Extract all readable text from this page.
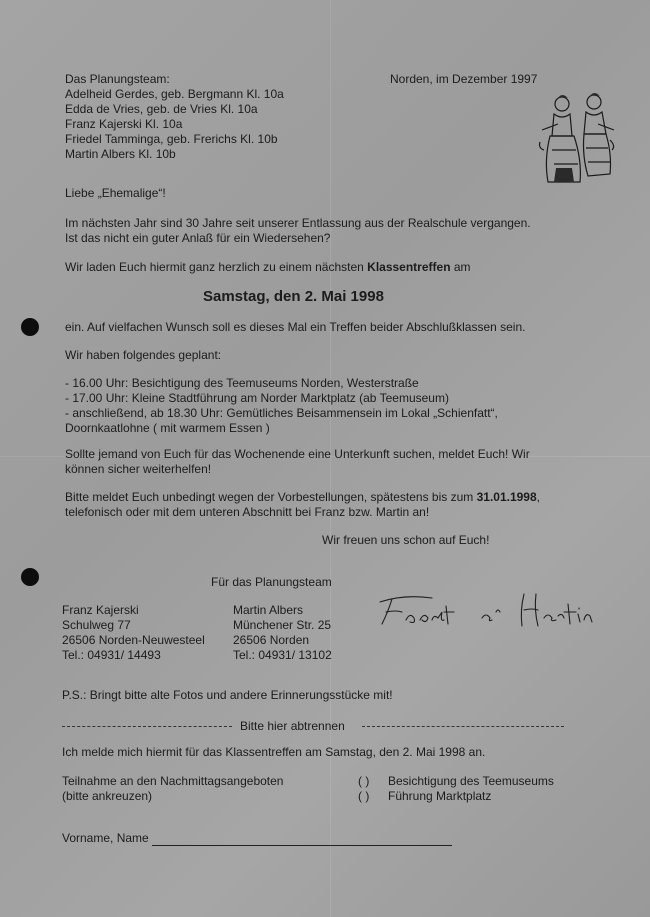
Das Planungsteam:
Adelheid Gerdes, geb. Bergmann Kl. 10a
Edda de Vries, geb. de Vries Kl. 10a
Franz Kajerski Kl. 10a
Friedel Tamminga, geb. Frerichs Kl. 10b
Martin Albers Kl. 10b
Norden, im Dezember 1997
Liebe „Ehemalige“!
Im nächsten Jahr sind 30 Jahre seit unserer Entlassung aus der Realschule vergangen.
Ist das nicht ein guter Anlaß für ein Wiedersehen?
Wir laden Euch hiermit ganz herzlich zu einem nächsten Klassentreffen am
Samstag, den 2. Mai 1998
ein. Auf vielfachen Wunsch soll es dieses Mal ein Treffen beider Abschlußklassen sein.
Wir haben folgendes geplant:
- 16.00 Uhr: Besichtigung des Teemuseums Norden, Westerstraße
- 17.00 Uhr: Kleine Stadtführung am Norder Marktplatz (ab Teemuseum)
- anschließend, ab 18.30 Uhr: Gemütliches Beisammensein im Lokal „Schienfatt“,
Doornkaatlohne ( mit warmem Essen )
Sollte jemand von Euch für das Wochenende eine Unterkunft suchen, meldet Euch! Wir
können sicher weiterhelfen!
Bitte meldet Euch unbedingt wegen der Vorbestellungen, spätestens bis zum 31.01.1998,
telefonisch oder mit dem unteren Abschnitt bei Franz bzw. Martin an!
Wir freuen uns schon auf Euch!
Für das Planungsteam
Franz Kajerski
Schulweg 77
26506 Norden-Neuwesteel
Tel.: 04931/ 14493
Martin Albers
Münchener Str. 25
26506 Norden
Tel.: 04931/ 13102
P.S.: Bringt bitte alte Fotos und andere Erinnerungsstücke mit!
Bitte hier abtrennen
Ich melde mich hiermit für das Klassentreffen am Samstag, den 2. Mai 1998 an.
Teilnahme an den Nachmittagsangeboten
(bitte ankreuzen)
( ) Besichtigung des Teemuseums
( ) Führung Marktplatz
Vorname, Name
